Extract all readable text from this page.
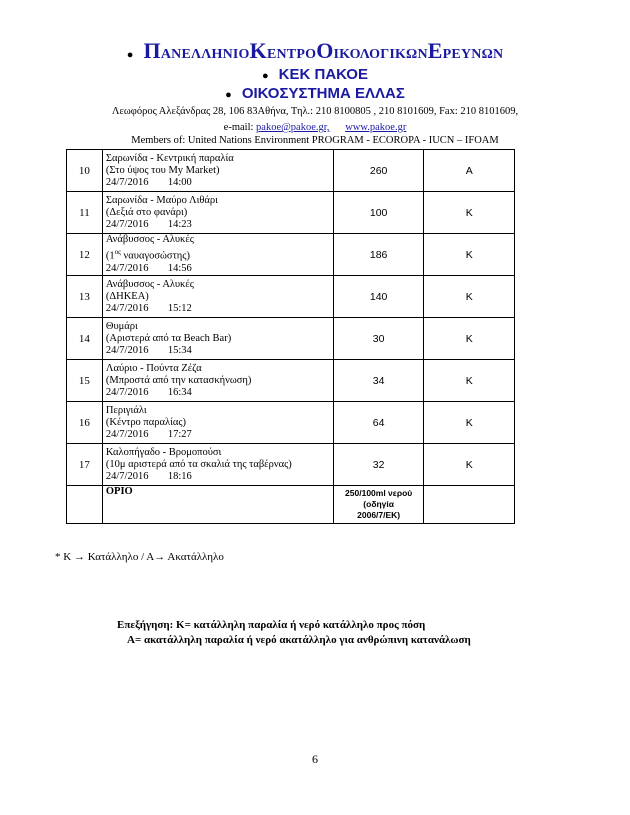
● ΠΑΝΕΛΛΗΝΙΟΚΕΝΤΡΟΟΙΚΟΛΟΓΙΚΩΝΕΡΕΥΝΩΝ
● ΚΕΚ ΠΑΚΟΕ
● ΟΙΚΟΣΥΣΤΗΜΑ ΕΛΛΑΣ
Λεωφόρος Αλεξάνδρας 28, 106 83Αθήνα, Τηλ.: 210 8100805 , 210 8101609, Fax: 210 8101609,
e-mail: pakoe@pakoe.gr, www.pakoe.gr
Members of: United Nations Environment PROGRAM - ECOROPA - IUCN – IFOAM
10	Σαρωνίδα - Κεντρική παραλία
(Στο ύψος του My Market)
24/7/2016 14:00	260	Α
11	Σαρωνίδα - Μαύρο Λιθάρι
(Δεξιά στο φανάρι)
24/7/2016 14:23	100	Κ
12	Ανάβυσσος - Αλυκές
($1^{o\varsigma}$ ναυαγοσώστης)
24/7/2016 14:56	186	Κ
13	Ανάβυσσος - Αλυκές
(ΔΗΚΕΑ)
24/7/2016 15:12	140	Κ
14	Θυμάρι
(Αριστερά από τα Beach Bar)
24/7/2016 15:34	30	Κ
15	Λαύριο - Πούντα Ζέζα
(Μπροστά από την κατασκήνωση)
24/7/2016 16:34	34	Κ
16	Περιγιάλι
(Κέντρο παραλίας)
24/7/2016 17:27	64	Κ
17	Καλοπήγαδο - Βρομοπούσι
(10μ αριστερά από τα σκαλιά της ταβέρνας)
24/7/2016 18:16	32	Κ
	ΟΡΙΟ	250/100ml νερού
(οδηγία
2006/7/ΕΚ)	

* Κ → Κατάλληλο / Α→ Ακατάλληλο
Επεξήγηση: Κ= κατάλληλη παραλία ή νερό κατάλληλο προς πόση
Α= ακατάλληλη παραλία ή νερό ακατάλληλο για ανθρώπινη κατανάλωση
6
